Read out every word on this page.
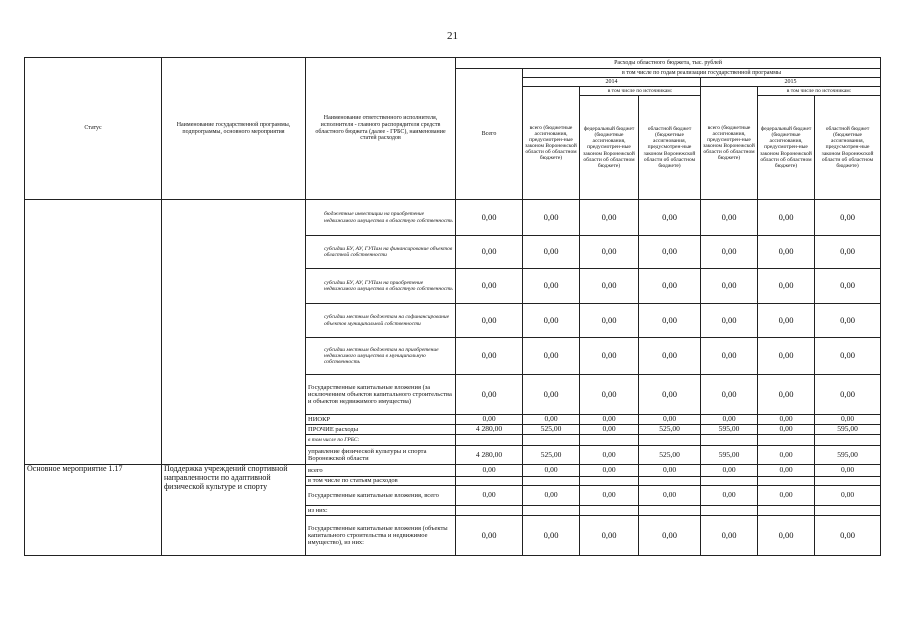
21
Статус	Наименование государственной программы, подпрограммы, основного мероприятия	Наименование ответственного исполнителя, исполнителя - главного распорядителя средств областного бюджета (далее - ГРБС), наименование статей расходов	Расходы областного бюджета, тыс. рублей						
			Всего	в том числе по годам реализации государственной программы					
				2014			2015		
				всего (бюджетные ассигнования, предусмотрен-ные законом Воронежской области об областном бюджете)	в том числе по источникам:		всего (бюджетные ассигнования, предусмотрен-ные законом Воронежской области об областном бюджете)	в том числе по источникам:	
					федеральный бюджет (бюджетные ассигнования, предусмотрен-ные законом Воронежской области об областном бюджете)	областной бюджет (бюджетные ассигнования, предусмотрен-ные законом Воронежской области об областном бюджете)		федеральный бюджет (бюджетные ассигнования, предусмотрен-ные законом Воронежской области об областном бюджете)	областной бюджет (бюджетные ассигнования, предусмотрен-ные законом Воронежской области об областном бюджете)
		бюджетные инвестиции на приобретение недвижимого имущества в областную собственность	0,00	0,00	0,00	0,00	0,00	0,00	0,00
		субсидии БУ, АУ, ГУПам на финансирование объектов областной собственности	0,00	0,00	0,00	0,00	0,00	0,00	0,00
		субсидии БУ, АУ, ГУПам на приобретение недвижимого имущества в областную собственность	0,00	0,00	0,00	0,00	0,00	0,00	0,00
		субсидии местным бюджетам на софинансирование объектов муниципальной собственности	0,00	0,00	0,00	0,00	0,00	0,00	0,00
		субсидии местным бюджетам на приобретение недвижимого имущества в муниципальную собственность	0,00	0,00	0,00	0,00	0,00	0,00	0,00
		Государственные капитальные вложения (за исключением объектов капитального строительства и объектов недвижимого имущества)	0,00	0,00	0,00	0,00	0,00	0,00	0,00
		НИОКР	0,00	0,00	0,00	0,00	0,00	0,00	0,00
		ПРОЧИЕ расходы	4 280,00	525,00	0,00	525,00	595,00	0,00	595,00
		в том числе по ГРБС:							
		управление физической культуры и спорта Воронежской области	4 280,00	525,00	0,00	525,00	595,00	0,00	595,00
Основное мероприятие 1.17	Поддержка учреждений спортивной направленности по адаптивной физической культуре и спорту	всего	0,00	0,00	0,00	0,00	0,00	0,00	0,00
		в том числе по статьям расходов							
		Государственные капитальные вложения, всего	0,00	0,00	0,00	0,00	0,00	0,00	0,00
		из них:							
		Государственные капитальные вложения (объекты капитального строительства и недвижимое имущество), из них:	0,00	0,00	0,00	0,00	0,00	0,00	0,00
